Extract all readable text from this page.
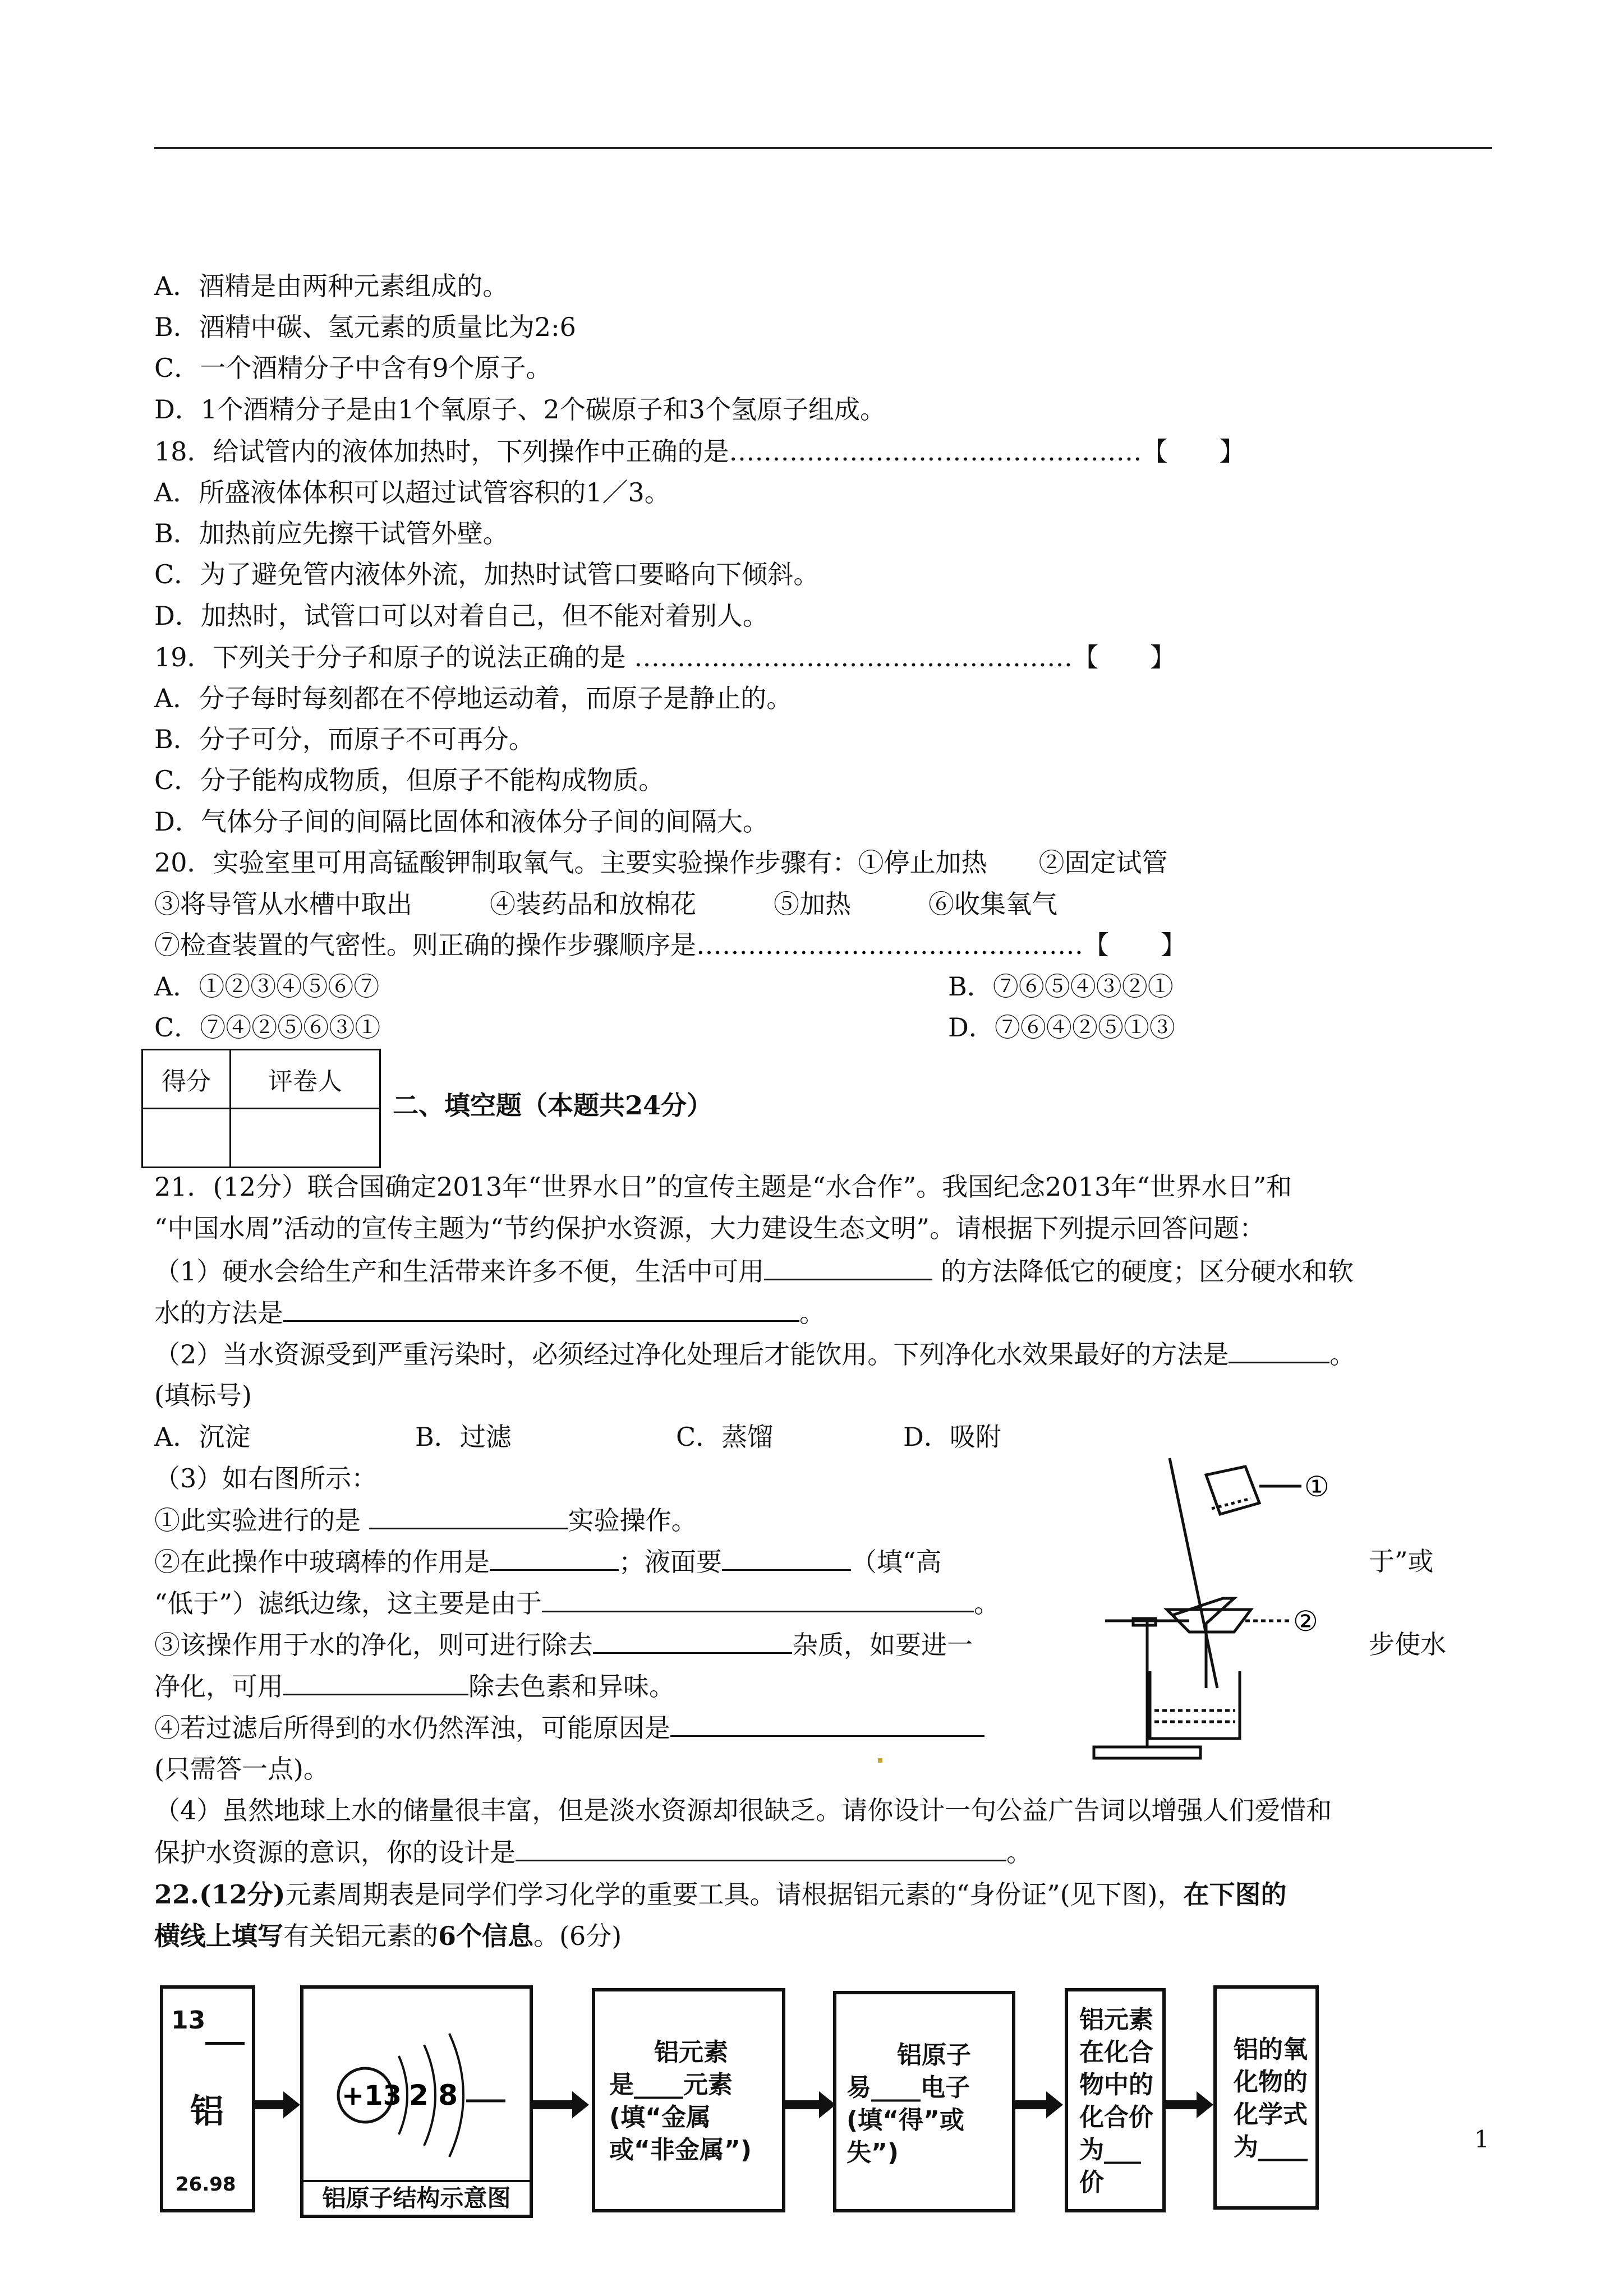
A．酒精是由两种元素组成的。
B．酒精中碳、氢元素的质量比为2:6
C．一个酒精分子中含有9个原子。
D．1个酒精分子是由1个氧原子、2个碳原子和3个氢原子组成。
18．给试管内的液体加热时，下列操作中正确的是…………………………………………【　　】
A．所盛液体体积可以超过试管容积的1／3。
B．加热前应先擦干试管外壁。
C．为了避免管内液体外流，加热时试管口要略向下倾斜。
D．加热时，试管口可以对着自己，但不能对着别人。
19．下列关于分子和原子的说法正确的是 ……………………………………………【　　】
A．分子每时每刻都在不停地运动着，而原子是静止的。
B．分子可分，而原子不可再分。
C．分子能构成物质，但原子不能构成物质。
D．气体分子间的间隔比固体和液体分子间的间隔大。
20．实验室里可用高锰酸钾制取氧气。主要实验操作步骤有：①停止加热　　②固定试管
③将导管从水槽中取出　　　④装药品和放棉花　　　⑤加热　　　⑥收集氧气
⑦检查装置的气密性。则正确的操作步骤顺序是………………………………………【　　】
A．①②③④⑤⑥⑦	B．⑦⑥⑤④③②①
C．⑦④②⑤⑥③①	D．⑦⑥④②⑤①③
得分	评卷人

二、填空题（本题共24分）
21．(12分）联合国确定2013年“世界水日”的宣传主题是“水合作”。我国纪念2013年“世界水日”和
“中国水周”活动的宣传主题为“节约保护水资源，大力建设生态文明”。请根据下列提示回答问题：
（1）硬水会给生产和生活带来许多不便，生活中可用	的方法降低它的硬度；区分硬水和软
水的方法是	。
（2）当水资源受到严重污染时，必须经过净化处理后才能饮用。下列净化水效果最好的方法是	。
(填标号)
A．沉淀	B．过滤	C．蒸馏	D．吸附
（3）如右图所示：
①此实验进行的是	实验操作。
②在此操作中玻璃棒的作用是	；液面要	（填“高	于”或
“低于”）滤纸边缘，这主要是由于	。
③该操作用于水的净化，则可进行除去	杂质，如要进一	步使水
净化，可用	除去色素和异味。
④若过滤后所得到的水仍然浑浊，可能原因是
(只需答一点)。
（4）虽然地球上水的储量很丰富，但是淡水资源却很缺乏。请你设计一句公益广告词以增强人们爱惜和
保护水资源的意识，你的设计是	。
①
②
22.(12分)元素周期表是同学们学习化学的重要工具。请根据铝元素的“身份证”(见下图)，在下图的
横线上填写有关铝元素的6个信息。(6分)
13
铝
26.98
+13 2 8
铝原子结构示意图
铝元素
是____元素
(填“金属
或“非金属”)
铝原子
易____电子
(填“得”或
失”)
铝元素
在化合
物中的
化合价
为___价
铝的氧
化物的
化学式
为____	1
